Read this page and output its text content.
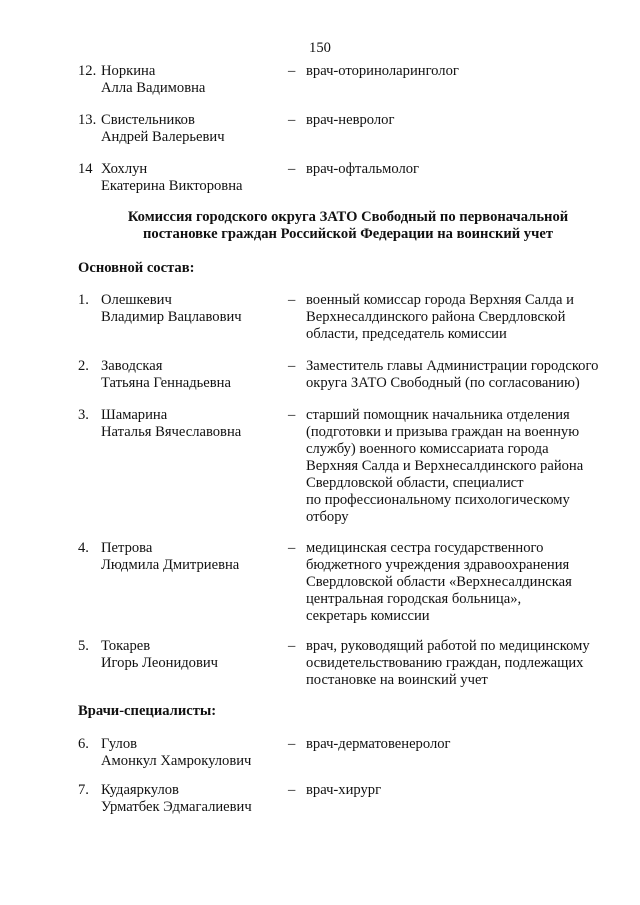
150
12. Норкина
Алла Вадимовна
– врач-оториноларинголог
13. Свистельников
Андрей Валерьевич
– врач-невролог
14 Хохлун
Екатерина Викторовна
– врач-офтальмолог
Комиссия городского округа ЗАТО Свободный по первоначальной
постановке граждан Российской Федерации на воинский учет
Основной состав:
1. Олешкевич
Владимир Вацлавович
– военный комиссар города Верхняя Салда и
Верхнесалдинского района Свердловской
области, председатель комиссии
2. Заводская
Татьяна Геннадьевна
– Заместитель главы Администрации городского
округа ЗАТО Свободный (по согласованию)
3. Шамарина
Наталья Вячеславовна
– старший помощник начальника отделения
(подготовки и призыва граждан на военную
службу) военного комиссариата города
Верхняя Салда и Верхнесалдинского района
Свердловской области, специалист
по профессиональному психологическому
отбору
4. Петрова
Людмила Дмитриевна
– медицинская сестра государственного
бюджетного учреждения здравоохранения
Свердловской области «Верхнесалдинская
центральная городская больница»,
секретарь комиссии
5. Токарев
Игорь Леонидович
– врач, руководящий работой по медицинскому
освидетельствованию граждан, подлежащих
постановке на воинский учет
Врачи-специалисты:
6. Гулов
Амонкул Хамрокулович
– врач-дерматовенеролог
7. Кудаяркулов
Урматбек Эдмагалиевич
– врач-хирург
